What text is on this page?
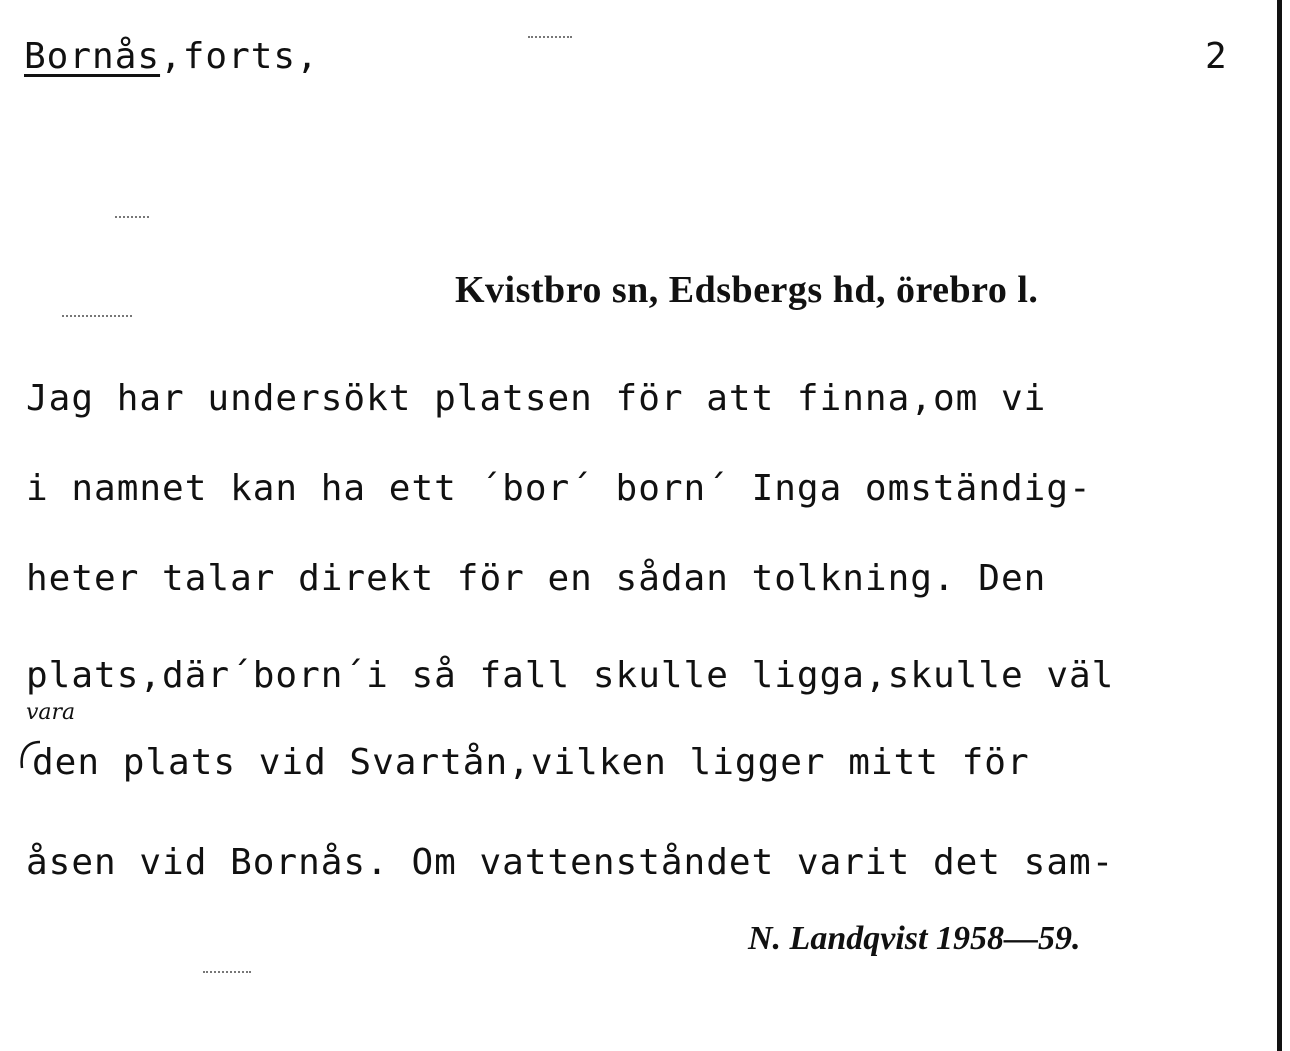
Bornås,forts,	2
Kvistbro sn, Edsbergs hd, örebro l.
Jag har undersökt platsen för att finna,om vi
i namnet kan ha ett ´bor´ born´ Inga omständig-
heter talar direkt för en sådan tolkning. Den
plats,där´born´i så fall skulle ligga,skulle väl
vara
den plats vid Svartån,vilken ligger mitt för
åsen vid Bornås. Om vattenståndet varit det sam-
N. Landqvist 1958—59.
